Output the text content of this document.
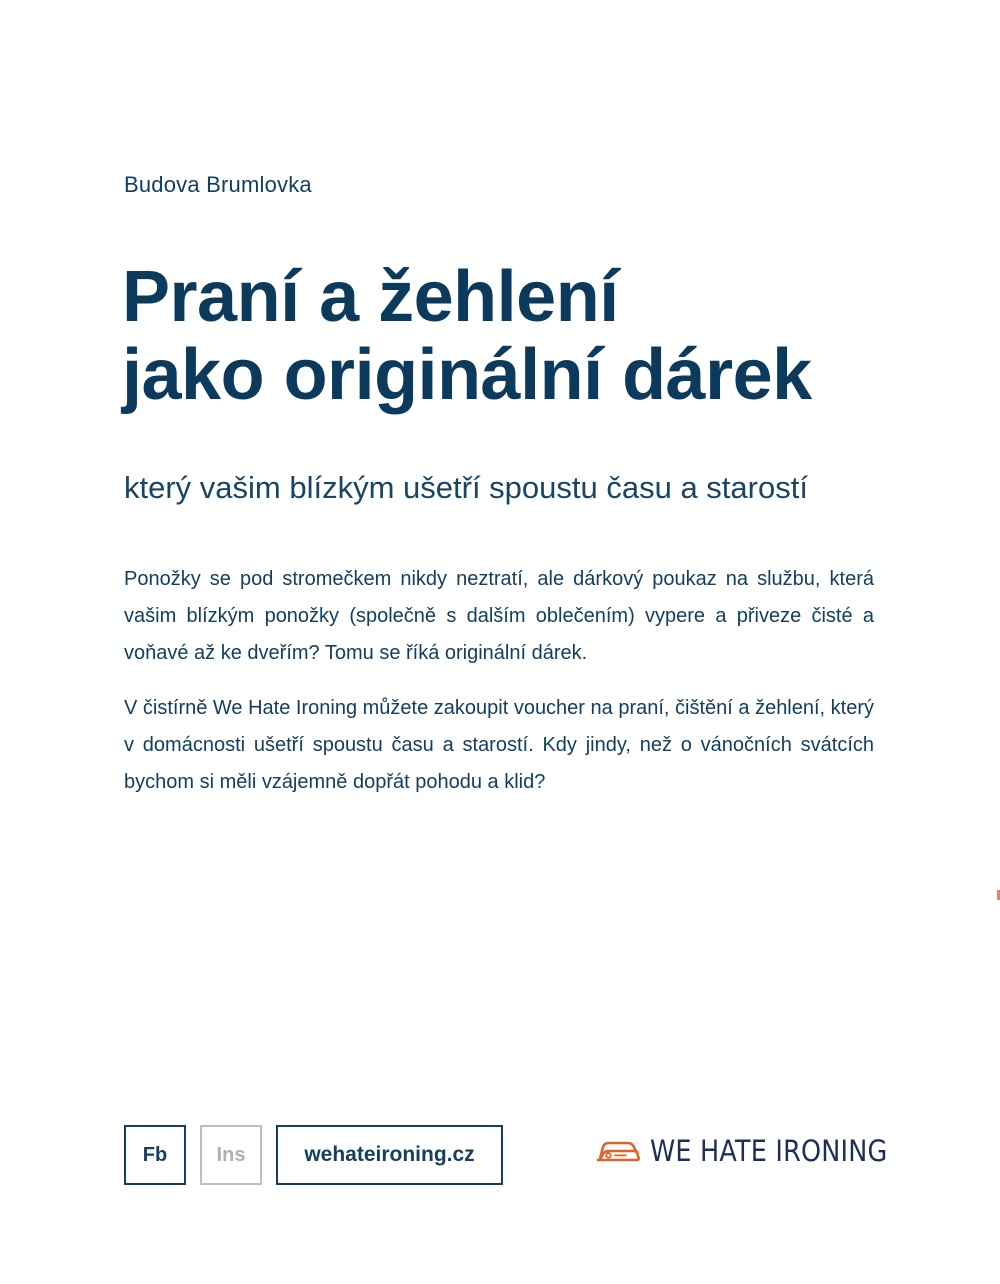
Budova Brumlovka
Praní a žehlení
jako originální dárek
který vašim blízkým ušetří spoustu času a starostí

Ponožky se pod stromečkem nikdy neztratí, ale dárkový poukaz na službu, která vašim blízkým ponožky (společně s dalším oblečením) vypere a přiveze čisté a voňavé až ke dveřím? Tomu se říká originální dárek.

V čistírně We Hate Ironing můžete zakoupit voucher na praní, čištění a žehlení, který v domácnosti ušetří spoustu času a starostí. Kdy jindy, než o vánočních svátcích bychom si měli vzájemně dopřát pohodu a klid?

Fb	Ins	wehateironing.cz	WE HATE IRONING
